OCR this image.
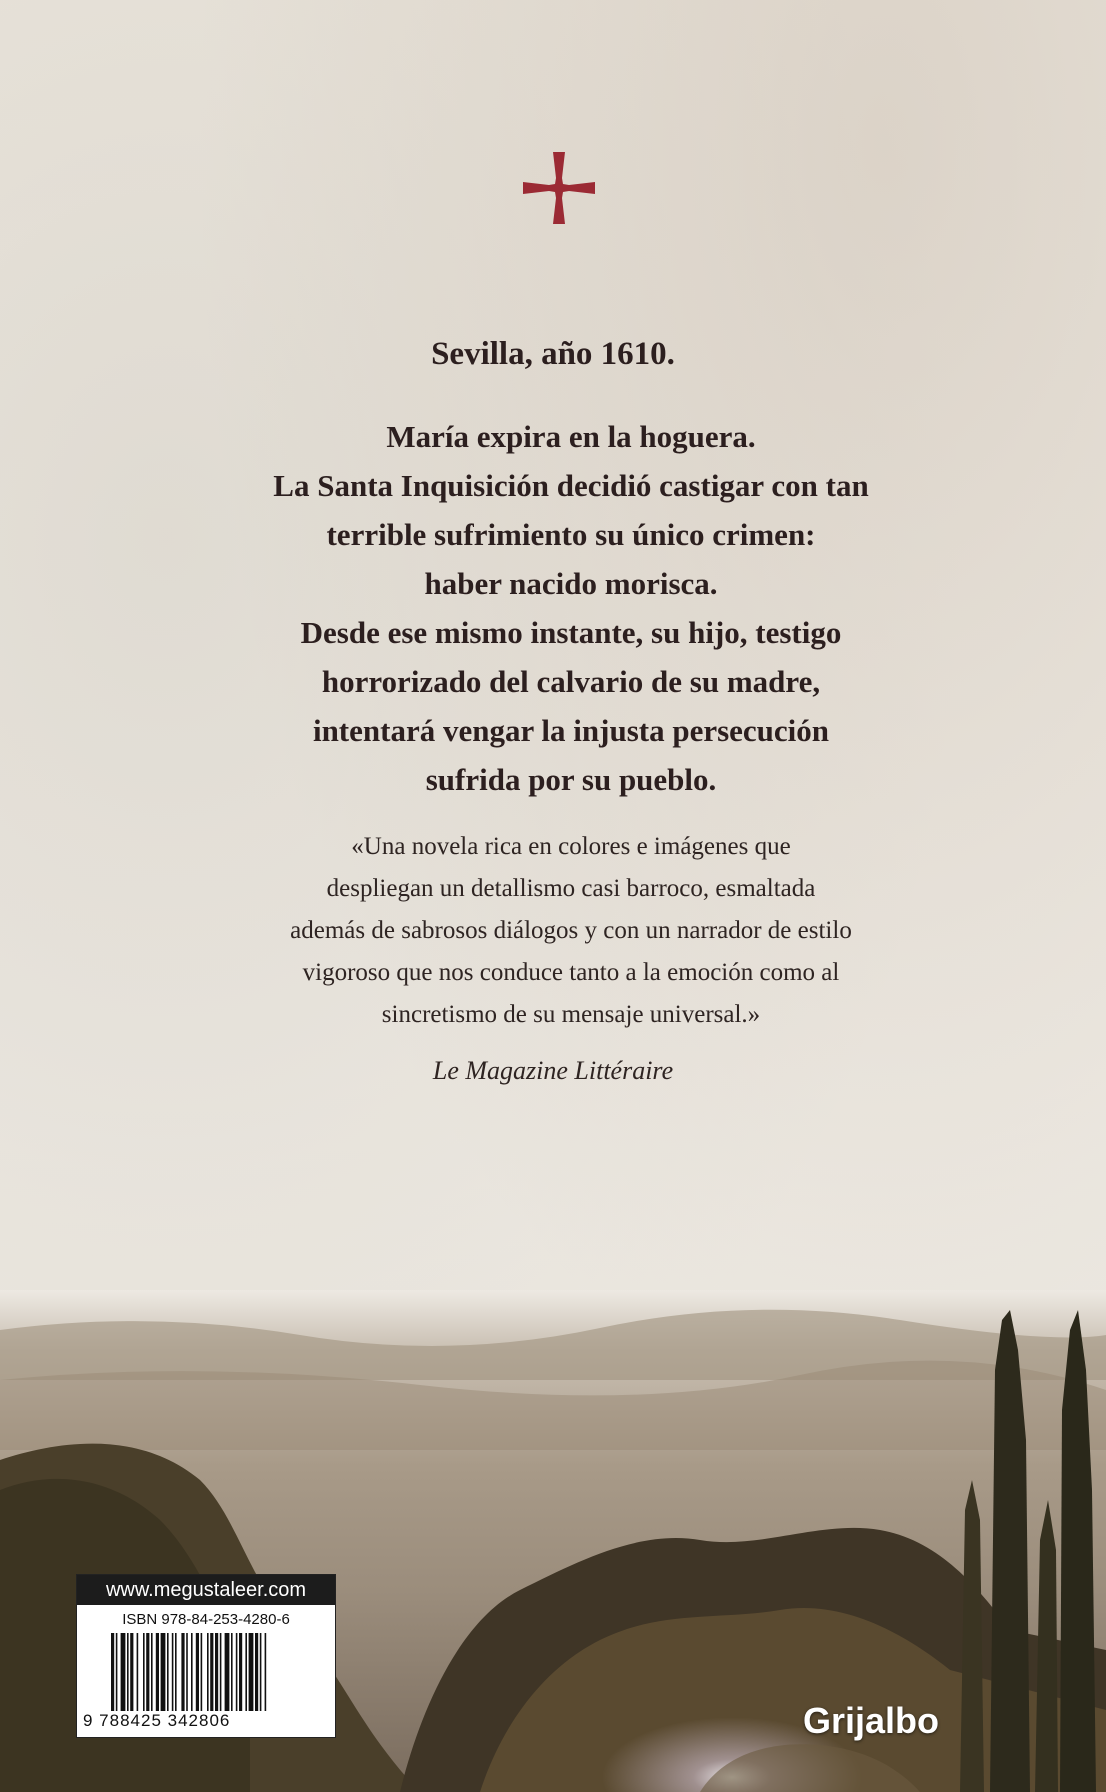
Sevilla, año 1610.
María expira en la hoguera.
La Santa Inquisición decidió castigar con tan
terrible sufrimiento su único crimen:
haber nacido morisca.
Desde ese mismo instante, su hijo, testigo
horrorizado del calvario de su madre,
intentará vengar la injusta persecución
sufrida por su pueblo.
«Una novela rica en colores e imágenes que
despliegan un detallismo casi barroco, esmaltada
además de sabrosos diálogos y con un narrador de estilo
vigoroso que nos conduce tanto a la emoción como al
sincretismo de su mensaje universal.»
Le Magazine Littéraire
www.megustaleer.com
ISBN 978-84-253-4280-6
9 788425 342806	Grijalbo
